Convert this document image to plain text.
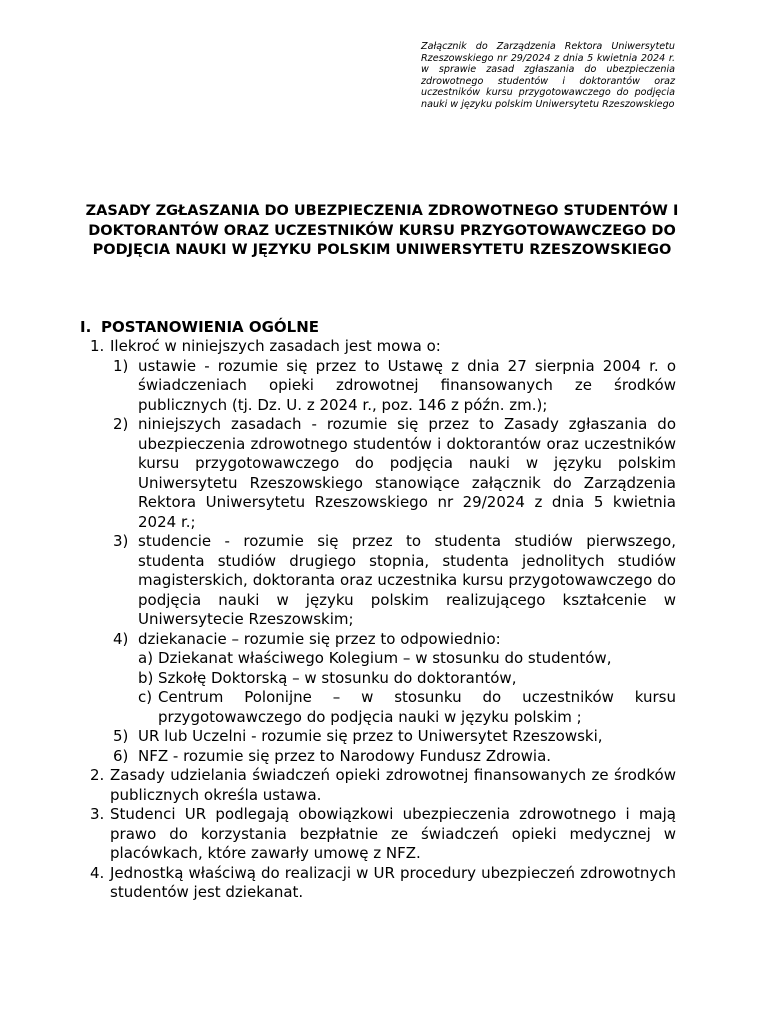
Załącznik do Zarządzenia Rektora Uniwersytetu Rzeszowskiego nr 29/2024 z dnia 5 kwietnia 2024 r. w sprawie zasad zgłaszania do ubezpieczenia zdrowotnego studentów i doktorantów oraz uczestników kursu przygotowawczego do podjęcia nauki w języku polskim Uniwersytetu Rzeszowskiego
ZASADY ZGŁASZANIA DO UBEZPIECZENIA ZDROWOTNEGO STUDENTÓW I DOKTORANTÓW ORAZ UCZESTNIKÓW KURSU PRZYGOTOWAWCZEGO DO PODJĘCIA NAUKI W JĘZYKU POLSKIM UNIWERSYTETU RZESZOWSKIEGO
I. POSTANOWIENIA OGÓLNE
1. Ilekroć w niniejszych zasadach jest mowa o:
1) ustawie - rozumie się przez to Ustawę z dnia 27 sierpnia 2004 r. o świadczeniach opieki zdrowotnej finansowanych ze środków publicznych (tj. Dz. U. z 2024 r., poz. 146 z późn. zm.);
2) niniejszych zasadach - rozumie się przez to Zasady zgłaszania do ubezpieczenia zdrowotnego studentów i doktorantów oraz uczestników kursu przygotowawczego do podjęcia nauki w języku polskim Uniwersytetu Rzeszowskiego stanowiące załącznik do Zarządzenia Rektora Uniwersytetu Rzeszowskiego nr 29/2024 z dnia 5 kwietnia 2024 r.;
3) studencie - rozumie się przez to studenta studiów pierwszego, studenta studiów drugiego stopnia, studenta jednolitych studiów magisterskich, doktoranta oraz uczestnika kursu przygotowawczego do podjęcia nauki w języku polskim realizującego kształcenie w Uniwersytecie Rzeszowskim;
4) dziekanacie – rozumie się przez to odpowiednio:
a) Dziekanat właściwego Kolegium – w stosunku do studentów,
b) Szkołę Doktorską – w stosunku do doktorantów,
c) Centrum Polonijne – w stosunku do uczestników kursu przygotowawczego do podjęcia nauki w języku polskim ;
5) UR lub Uczelni - rozumie się przez to Uniwersytet Rzeszowski,
6) NFZ - rozumie się przez to Narodowy Fundusz Zdrowia.
2. Zasady udzielania świadczeń opieki zdrowotnej finansowanych ze środków publicznych określa ustawa.
3. Studenci UR podlegają obowiązkowi ubezpieczenia zdrowotnego i mają prawo do korzystania bezpłatnie ze świadczeń opieki medycznej w placówkach, które zawarły umowę z NFZ.
4. Jednostką właściwą do realizacji w UR procedury ubezpieczeń zdrowotnych studentów jest dziekanat.
